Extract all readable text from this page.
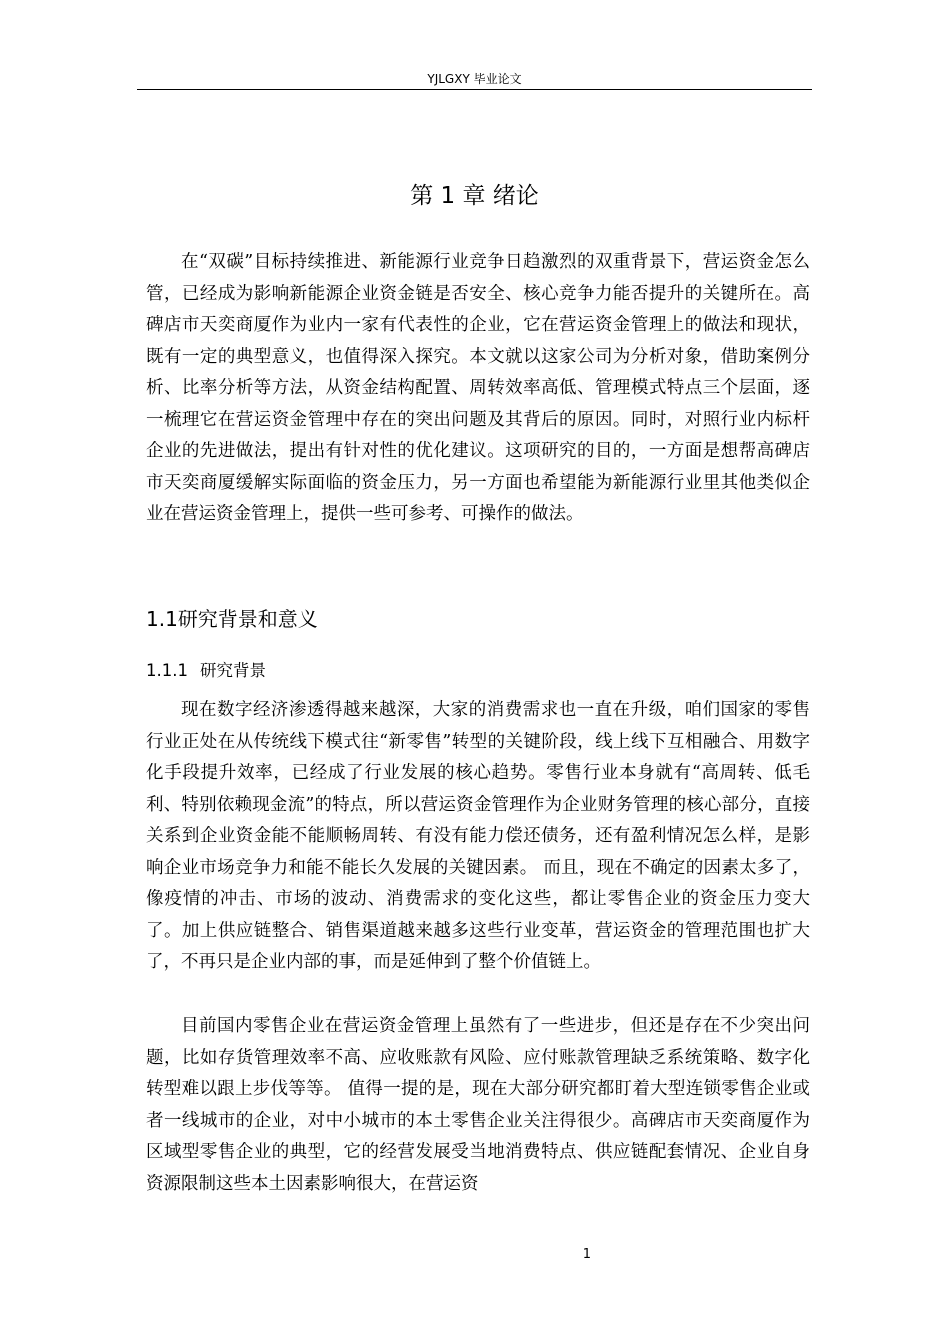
YJLGXY 毕业论文
第 1 章 绪论

在“双碳”目标持续推进、新能源行业竞争日趋激烈的双重背景下，营运资金怎么管，已经成为影响新能源企业资金链是否安全、核心竞争力能否提升的关键所在。高碑店市天奕商厦作为业内一家有代表性的企业，它在营运资金管理上的做法和现状，既有一定的典型意义，也值得深入探究。本文就以这家公司为分析对象，借助案例分析、比率分析等方法，从资金结构配置、周转效率高低、管理模式特点三个层面，逐一梳理它在营运资金管理中存在的突出问题及其背后的原因。同时，对照行业内标杆企业的先进做法，提出有针对性的优化建议。这项研究的目的，一方面是想帮高碑店市天奕商厦缓解实际面临的资金压力，另一方面也希望能为新能源行业里其他类似企业在营运资金管理上，提供一些可参考、可操作的做法。

1.1研究背景和意义
1.1.1 研究背景

现在数字经济渗透得越来越深，大家的消费需求也一直在升级，咱们国家的零售行业正处在从传统线下模式往“新零售”转型的关键阶段，线上线下互相融合、用数字化手段提升效率，已经成了行业发展的核心趋势。零售行业本身就有“高周转、低毛利、特别依赖现金流”的特点，所以营运资金管理作为企业财务管理的核心部分，直接关系到企业资金能不能顺畅周转、有没有能力偿还债务，还有盈利情况怎么样，是影响企业市场竞争力和能不能长久发展的关键因素。 而且，现在不确定的因素太多了，像疫情的冲击、市场的波动、消费需求的变化这些，都让零售企业的资金压力变大了。加上供应链整合、销售渠道越来越多这些行业变革，营运资金的管理范围也扩大了，不再只是企业内部的事，而是延伸到了整个价值链上。

目前国内零售企业在营运资金管理上虽然有了一些进步，但还是存在不少突出问题，比如存货管理效率不高、应收账款有风险、应付账款管理缺乏系统策略、数字化转型难以跟上步伐等等。 值得一提的是，现在大部分研究都盯着大型连锁零售企业或者一线城市的企业，对中小城市的本土零售企业关注得很少。高碑店市天奕商厦作为区域型零售企业的典型，它的经营发展受当地消费特点、供应链配套情况、企业自身资源限制这些本土因素影响很大，在营运资

1
